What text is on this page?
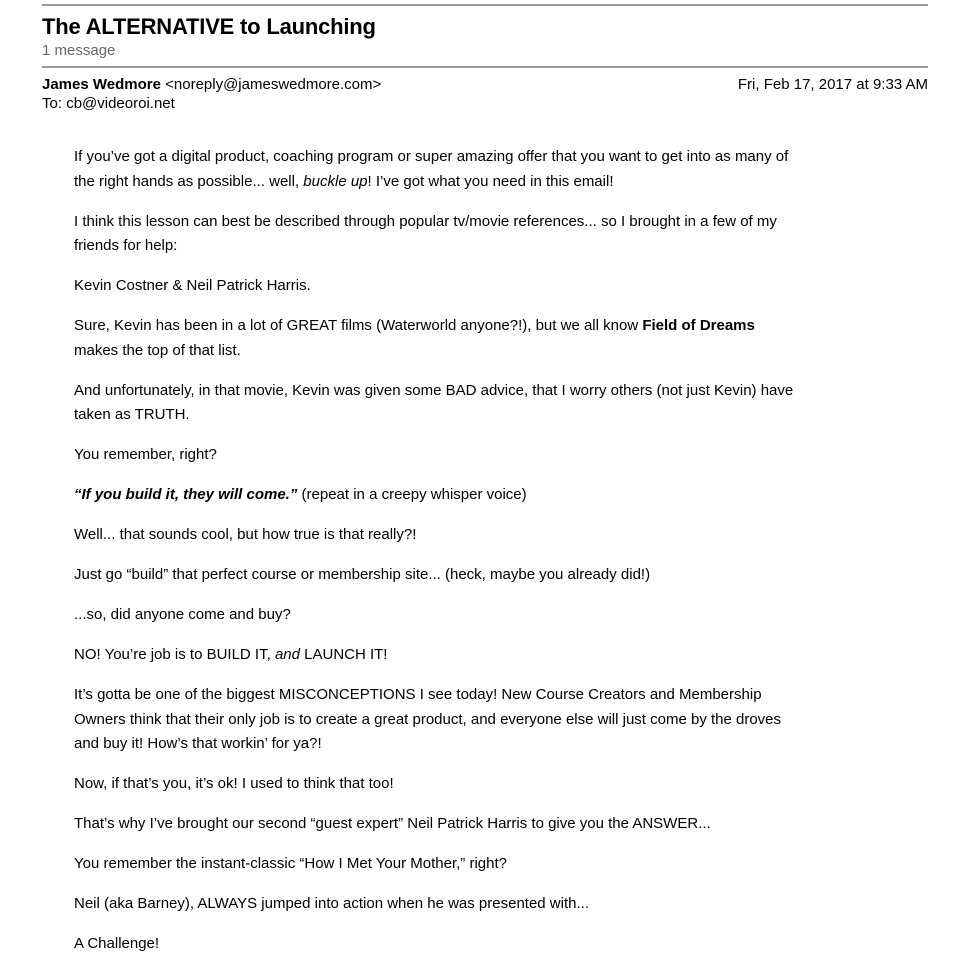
The ALTERNATIVE to Launching
1 message
James Wedmore <noreply@jameswedmore.com>	Fri, Feb 17, 2017 at 9:33 AM
To: cb@videoroi.net

If you’ve got a digital product, coaching program or super amazing offer that you want to get into as many of the right hands as possible... well, buckle up! I’ve got what you need in this email!

I think this lesson can best be described through popular tv/movie references... so I brought in a few of my friends for help:

Kevin Costner & Neil Patrick Harris.

Sure, Kevin has been in a lot of GREAT films (Waterworld anyone?!), but we all know Field of Dreams makes the top of that list.

And unfortunately, in that movie, Kevin was given some BAD advice, that I worry others (not just Kevin) have taken as TRUTH.

You remember, right?

“If you build it, they will come.” (repeat in a creepy whisper voice)

Well... that sounds cool, but how true is that really?!

Just go “build” that perfect course or membership site... (heck, maybe you already did!)

...so, did anyone come and buy?

NO! You’re job is to BUILD IT, and LAUNCH IT!

It’s gotta be one of the biggest MISCONCEPTIONS I see today! New Course Creators and Membership Owners think that their only job is to create a great product, and everyone else will just come by the droves and buy it! How’s that workin’ for ya?!

Now, if that’s you, it’s ok! I used to think that too!

That’s why I’ve brought our second “guest expert” Neil Patrick Harris to give you the ANSWER...

You remember the instant-classic “How I Met Your Mother,” right?

Neil (aka Barney), ALWAYS jumped into action when he was presented with...

A Challenge!
